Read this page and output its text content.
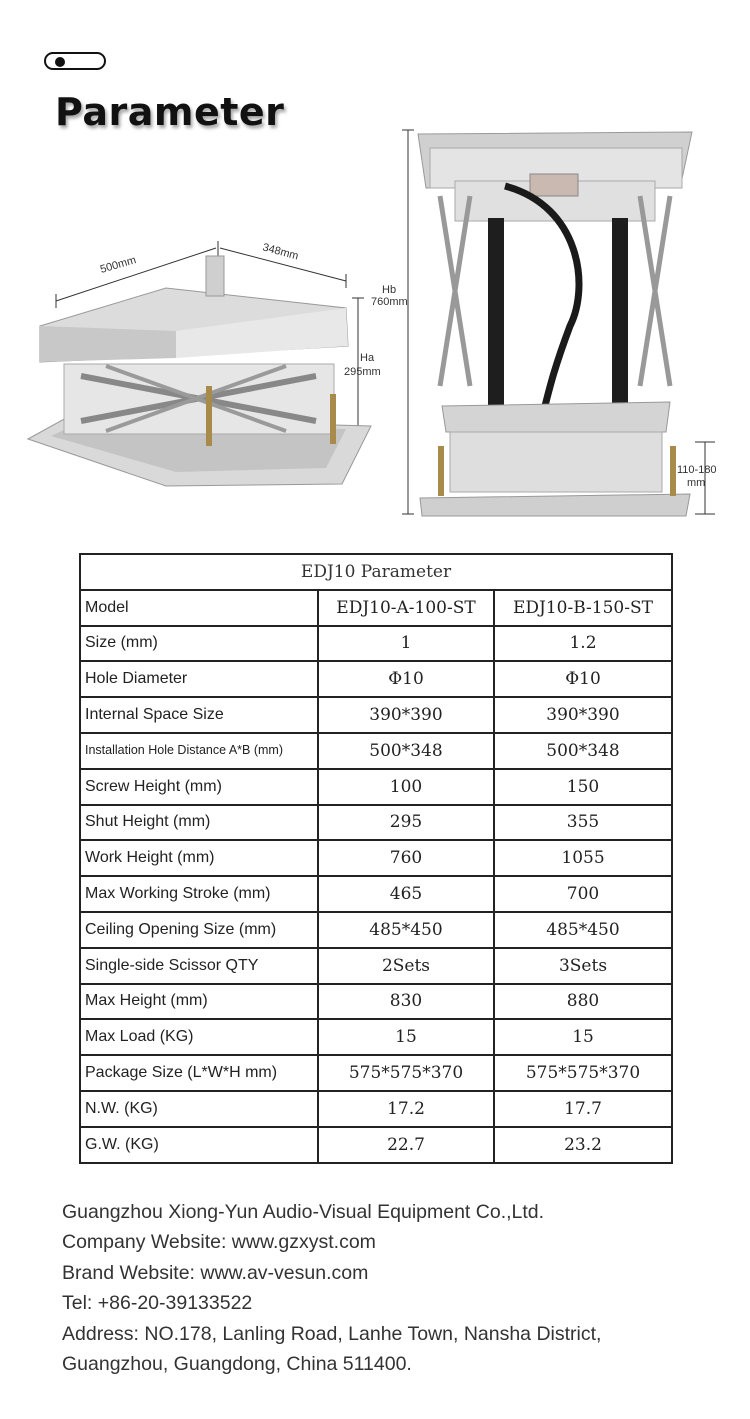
Parameter
500mm
348mm
Ha
295mm
Hb
760mm
110-180
mm
EDJ10 Parameter		
Model	EDJ10-A-100-ST	EDJ10-B-150-ST
Size (mm)	1	1.2
Hole Diameter	Φ10	Φ10
Internal Space Size	390*390	390*390
Installation Hole Distance A*B (mm)	500*348	500*348
Screw Height (mm)	100	150
Shut Height (mm)	295	355
Work Height (mm)	760	1055
Max Working Stroke (mm)	465	700
Ceiling Opening Size (mm)	485*450	485*450
Single-side Scissor QTY	2Sets	3Sets
Max Height (mm)	830	880
Max Load (KG)	15	15
Package Size (L*W*H mm)	575*575*370	575*575*370
N.W. (KG)	17.2	17.7
G.W. (KG)	22.7	23.2

Guangzhou Xiong-Yun Audio-Visual Equipment Co.,Ltd.

Company Website: www.gzxyst.com

Brand Website: www.av-vesun.com

Tel: +86-20-39133522

Address: NO.178, Lanling Road, Lanhe Town, Nansha District,

Guangzhou, Guangdong, China 511400.
